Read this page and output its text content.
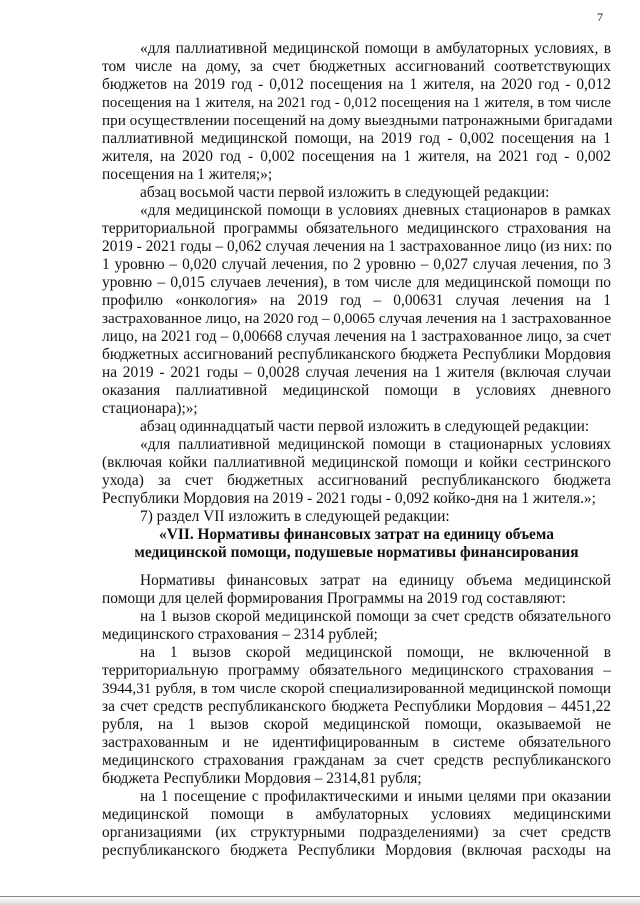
7
«для паллиативной медицинской помощи в амбулаторных условиях, в
том числе на дому, за счет бюджетных ассигнований соответствующих
бюджетов на 2019 год - 0,012 посещения на 1 жителя, на 2020 год - 0,012
посещения на 1 жителя, на 2021 год - 0,012 посещения на 1 жителя, в том числе
при осуществлении посещений на дому выездными патронажными бригадами
паллиативной медицинской помощи, на 2019 год - 0,002 посещения на 1
жителя, на 2020 год - 0,002 посещения на 1 жителя, на 2021 год - 0,002
посещения на 1 жителя;»;
абзац восьмой части первой изложить в следующей редакции:
«для медицинской помощи в условиях дневных стационаров в рамках
территориальной программы обязательного медицинского страхования на
2019 - 2021 годы – 0,062 случая лечения на 1 застрахованное лицо (из них: по
1 уровню – 0,020 случай лечения, по 2 уровню – 0,027 случая лечения, по 3
уровню – 0,015 случаев лечения), в том числе для медицинской помощи по
профилю «онкология» на 2019 год – 0,00631 случая лечения на 1
застрахованное лицо, на 2020 год – 0,0065 случая лечения на 1 застрахованное
лицо, на 2021 год – 0,00668 случая лечения на 1 застрахованное лицо, за счет
бюджетных ассигнований республиканского бюджета Республики Мордовия
на 2019 - 2021 годы – 0,0028 случая лечения на 1 жителя (включая случаи
оказания паллиативной медицинской помощи в условиях дневного
стационара);»;
абзац одиннадцатый части первой изложить в следующей редакции:
«для паллиативной медицинской помощи в стационарных условиях
(включая койки паллиативной медицинской помощи и койки сестринского
ухода) за счет бюджетных ассигнований республиканского бюджета
Республики Мордовия на 2019 - 2021 годы - 0,092 койко-дня на 1 жителя.»;
7) раздел VII изложить в следующей редакции:
«VII. Нормативы финансовых затрат на единицу объема
медицинской помощи, подушевые нормативы финансирования
Нормативы финансовых затрат на единицу объема медицинской
помощи для целей формирования Программы на 2019 год составляют:
на 1 вызов скорой медицинской помощи за счет средств обязательного
медицинского страхования – 2314 рублей;
на 1 вызов скорой медицинской помощи, не включенной в
территориальную программу обязательного медицинского страхования –
3944,31 рубля, в том числе скорой специализированной медицинской помощи
за счет средств республиканского бюджета Республики Мордовия – 4451,22
рубля, на 1 вызов скорой медицинской помощи, оказываемой не
застрахованным и не идентифицированным в системе обязательного
медицинского страхования гражданам за счет средств республиканского
бюджета Республики Мордовия – 2314,81 рубля;
на 1 посещение с профилактическими и иными целями при оказании
медицинской помощи в амбулаторных условиях медицинскими
организациями (их структурными подразделениями) за счет средств
республиканского бюджета Республики Мордовия (включая расходы на
